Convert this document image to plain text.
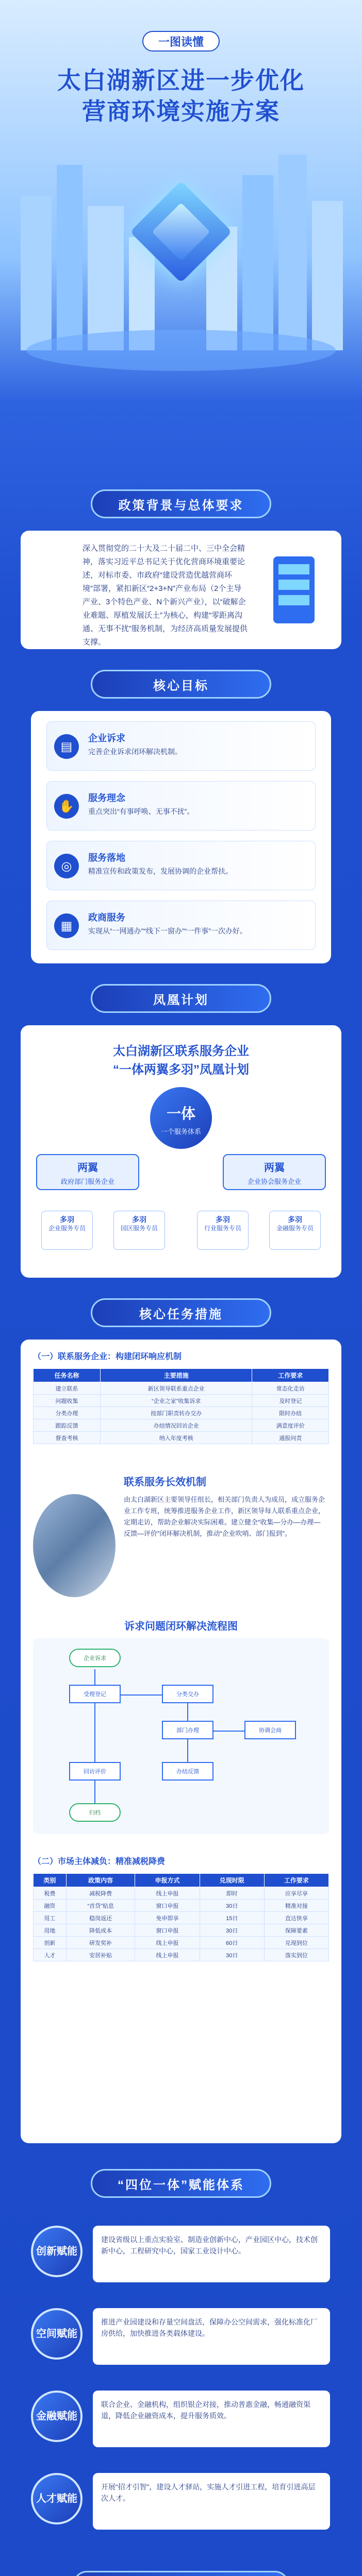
一图读懂
太白湖新区进一步优化
营商环境实施方案
政策背景与总体要求
深入贯彻党的二十大及二十届二中、三中全会精神，落实习近平总书记关于优化营商环境重要论述，对标市委、市政府“建设营造优越营商环境”部署，紧扣新区“2+3+N”产业布局（2个主导产业、3个特色产业、N个新兴产业），以“破解企业难题、厚植发展沃土”为核心，构建“零距离沟通、无事不扰”服务机制，为经济高质量发展提供支撑。
核心目标
▤
企业诉求
完善企业诉求闭环解决机制。
✋
服务理念
重点突出“有事呼唤、无事不扰”。
◎
服务落地
精准宣传和政策发布，发展协调的企业帮扶。
▦
政商服务
实现从“一网通办”“线下一窗办”“一件事”一次办好。
凤凰计划
太白湖新区联系服务企业
“一体两翼多羽”凤凰计划
一体
一个服务体系
两翼
政府部门服务企业
两翼
企业协会服务企业
多羽
企业服务专员
多羽
园区服务专员
多羽
行业服务专员
多羽
金融服务专员
核心任务措施
（一）联系服务企业：构建闭环响应机制
任务名称	主要措施	工作要求
建立联系	新区领导联系重点企业	常态化走访
问题收集	“企业之家”收集诉求	及时登记
分类办理	按部门职责转办交办	限时办结
跟踪反馈	办结情况回访企业	满意度评价
督查考核	纳入年度考核	通报问责
联系服务长效机制
由太白湖新区主要领导任组长，相关部门负责人为成员，成立服务企业工作专班，统筹推进服务企业工作，新区领导每人联系重点企业，定期走访，帮助企业解决实际困难。建立健全“收集—分办—办理—反馈—评价”闭环解决机制，推动“企业吹哨、部门报到”。
诉求问题闭环解决流程图
企业诉求
受理登记	分类交办
部门办理	协调会商
办结反馈
回访评价
归档
（二）市场主体减负：精准减税降费
类别	政策内容	申报方式	兑现时限	工作要求
税费	减税降费	线上申报	即时	应享尽享
融资	“首贷”贴息	窗口申报	30日	精准对接
用工	稳岗返还	免申即享	15日	直达快享
用地	降低成本	窗口申报	30日	保障要素
创新	研发奖补	线上申报	60日	兑现到位
人才	安居补贴	线上申报	30日	落实到位
“四位一体”赋能体系
创新赋能
建设省级以上重点实验室、制造业创新中心，产业园区中心，技术创新中心，工程研究中心，国家工业设计中心。
空间赋能
推进产业园建设和存量空间盘活，保障办公空间需求，强化标准化厂房供给，加快推进各类载体建设。
金融赋能
联合企业、金融机构，组织银企对接，推动普惠金融，畅通融资渠道，降低企业融资成本，提升服务质效。
人才赋能
开展“招才引智”，建设人才驿站，实施人才引进工程，培育引进高层次人才。
